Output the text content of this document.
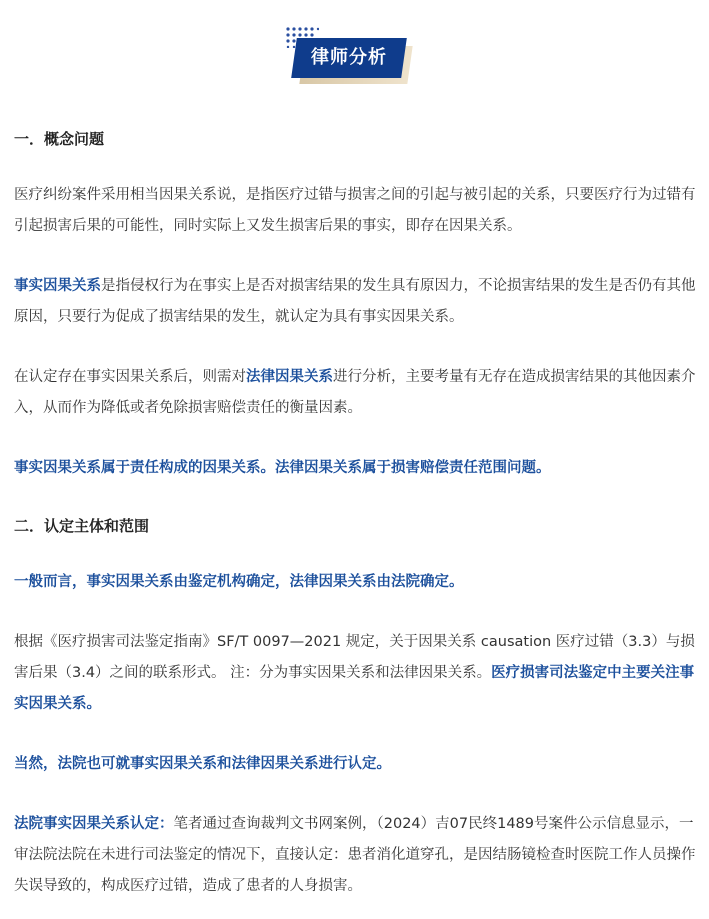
律师分析

一．概念问题

医疗纠纷案件采用相当因果关系说，是指医疗过错与损害之间的引起与被引起的关系，只要医疗行为过错有引起损害后果的可能性，同时实际上又发生损害后果的事实，即存在因果关系。

事实因果关系是指侵权行为在事实上是否对损害结果的发生具有原因力，不论损害结果的发生是否仍有其他原因，只要行为促成了损害结果的发生，就认定为具有事实因果关系。

在认定存在事实因果关系后，则需对法律因果关系进行分析，主要考量有无存在造成损害结果的其他因素介入，从而作为降低或者免除损害赔偿责任的衡量因素。

事实因果关系属于责任构成的因果关系。法律因果关系属于损害赔偿责任范围问题。

二．认定主体和范围

一般而言，事实因果关系由鉴定机构确定，法律因果关系由法院确定。

根据《医疗损害司法鉴定指南》SF/T 0097—2021 规定，关于因果关系 causation 医疗过错（3.3）与损害后果（3.4）之间的联系形式。 注：分为事实因果关系和法律因果关系。医疗损害司法鉴定中主要关注事实因果关系。

当然，法院也可就事实因果关系和法律因果关系进行认定。

法院事实因果关系认定：笔者通过查询裁判文书网案例，（2024）吉07民终1489号案件公示信息显示，一审法院法院在未进行司法鉴定的情况下，直接认定：患者消化道穿孔，是因结肠镜检查时医院工作人员操作失误导致的，构成医疗过错，造成了患者的人身损害。
